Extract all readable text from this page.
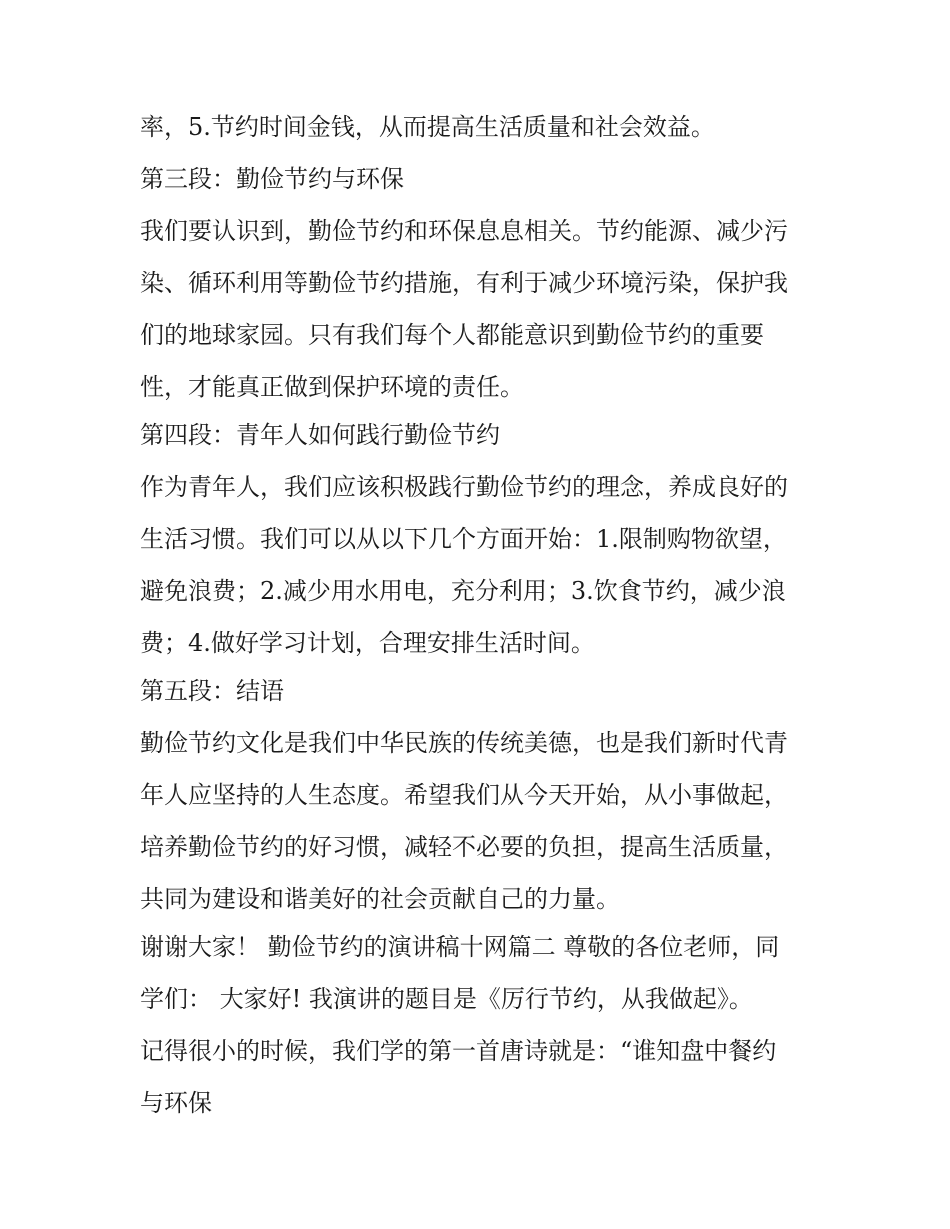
率，5.节约时间金钱，从而提高生活质量和社会效益。
第三段：勤俭节约与环保
我们要认识到，勤俭节约和环保息息相关。节约能源、减少污
染、循环利用等勤俭节约措施，有利于减少环境污染，保护我
们的地球家园。只有我们每个人都能意识到勤俭节约的重要
性，才能真正做到保护环境的责任。
第四段：青年人如何践行勤俭节约
作为青年人，我们应该积极践行勤俭节约的理念，养成良好的
生活习惯。我们可以从以下几个方面开始：1.限制购物欲望，
避免浪费；2.减少用水用电，充分利用；3.饮食节约，减少浪
费；4.做好学习计划，合理安排生活时间。
第五段：结语
勤俭节约文化是我们中华民族的传统美德，也是我们新时代青
年人应坚持的人生态度。希望我们从今天开始，从小事做起，
培养勤俭节约的好习惯，减轻不必要的负担，提高生活质量，
共同为建设和谐美好的社会贡献自己的力量。
谢谢大家！ 勤俭节约的演讲稿十网篇二 尊敬的各位老师，同
学们： 大家好! 我演讲的题目是《厉行节约，从我做起》。
记得很小的时候，我们学的第一首唐诗就是：“谁知盘中餐约
与环保
